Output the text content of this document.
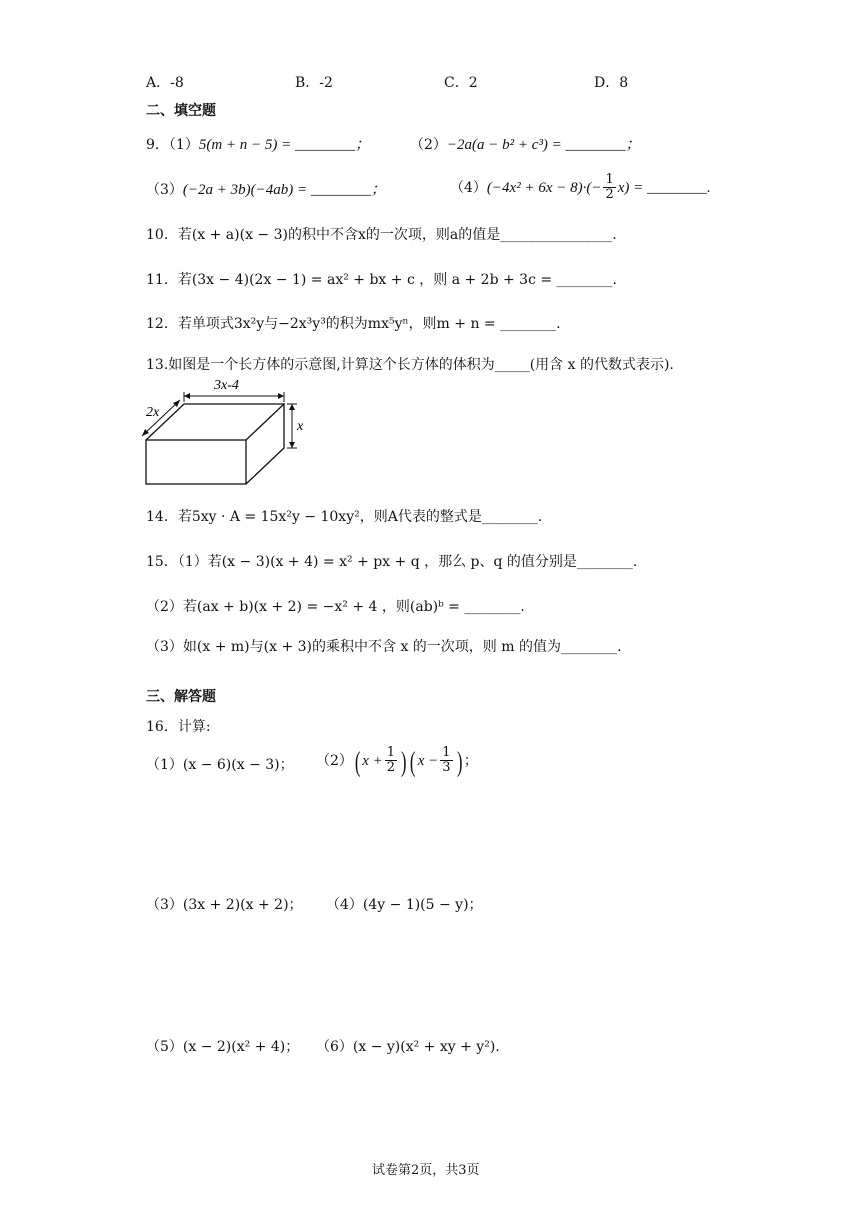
A．-8	B．-2	C．2	D．8
二、填空题
9．（1）5(m + n − 5) = ________；	（2）−2a(a − b² + c³) = ________；
（3）(−2a + 3b)(−4ab) = ________；	$(4)(-4x^2 + 6x - 8)\cdot(- \frac{1}{2} x)$ = ________.
10．若(x + a)(x − 3)的积中不含x的一次项，则a的值是________________.
11．若(3x − 4)(2x − 1) = ax² + bx + c ，则 a + 2b + 3c = ________.
12．若单项式3x²y与−2x³y³的积为mx⁵yⁿ，则m + n = ________.
13.如图是一个长方体的示意图,计算这个长方体的体积为_____(用含 x 的代数式表示).
3x-4
2x
x
14．若5xy · A = 15x²y − 10xy²，则A代表的整式是________.
15．（1）若(x − 3)(x + 4) = x² + px + q ，那么 p、q 的值分别是________.
（2）若(ax + b)(x + 2) = −x² + 4 ，则(ab)ᵇ = ________.
（3）如(x + m)与(x + 3)的乘积中不含 x 的一次项，则 m 的值为________.
三、解答题
16．计算:
（1）(x − 6)(x − 3)； （2）( $x + \frac{1}{2}$ ) ( $x - \frac{1}{3}$ ) ；
（3）(3x + 2)(x + 2)； （4）(4y − 1)(5 − y)；
（5）(x − 2)(x² + 4)； （6）(x − y)(x² + xy + y²).
试卷第2页，共3页
